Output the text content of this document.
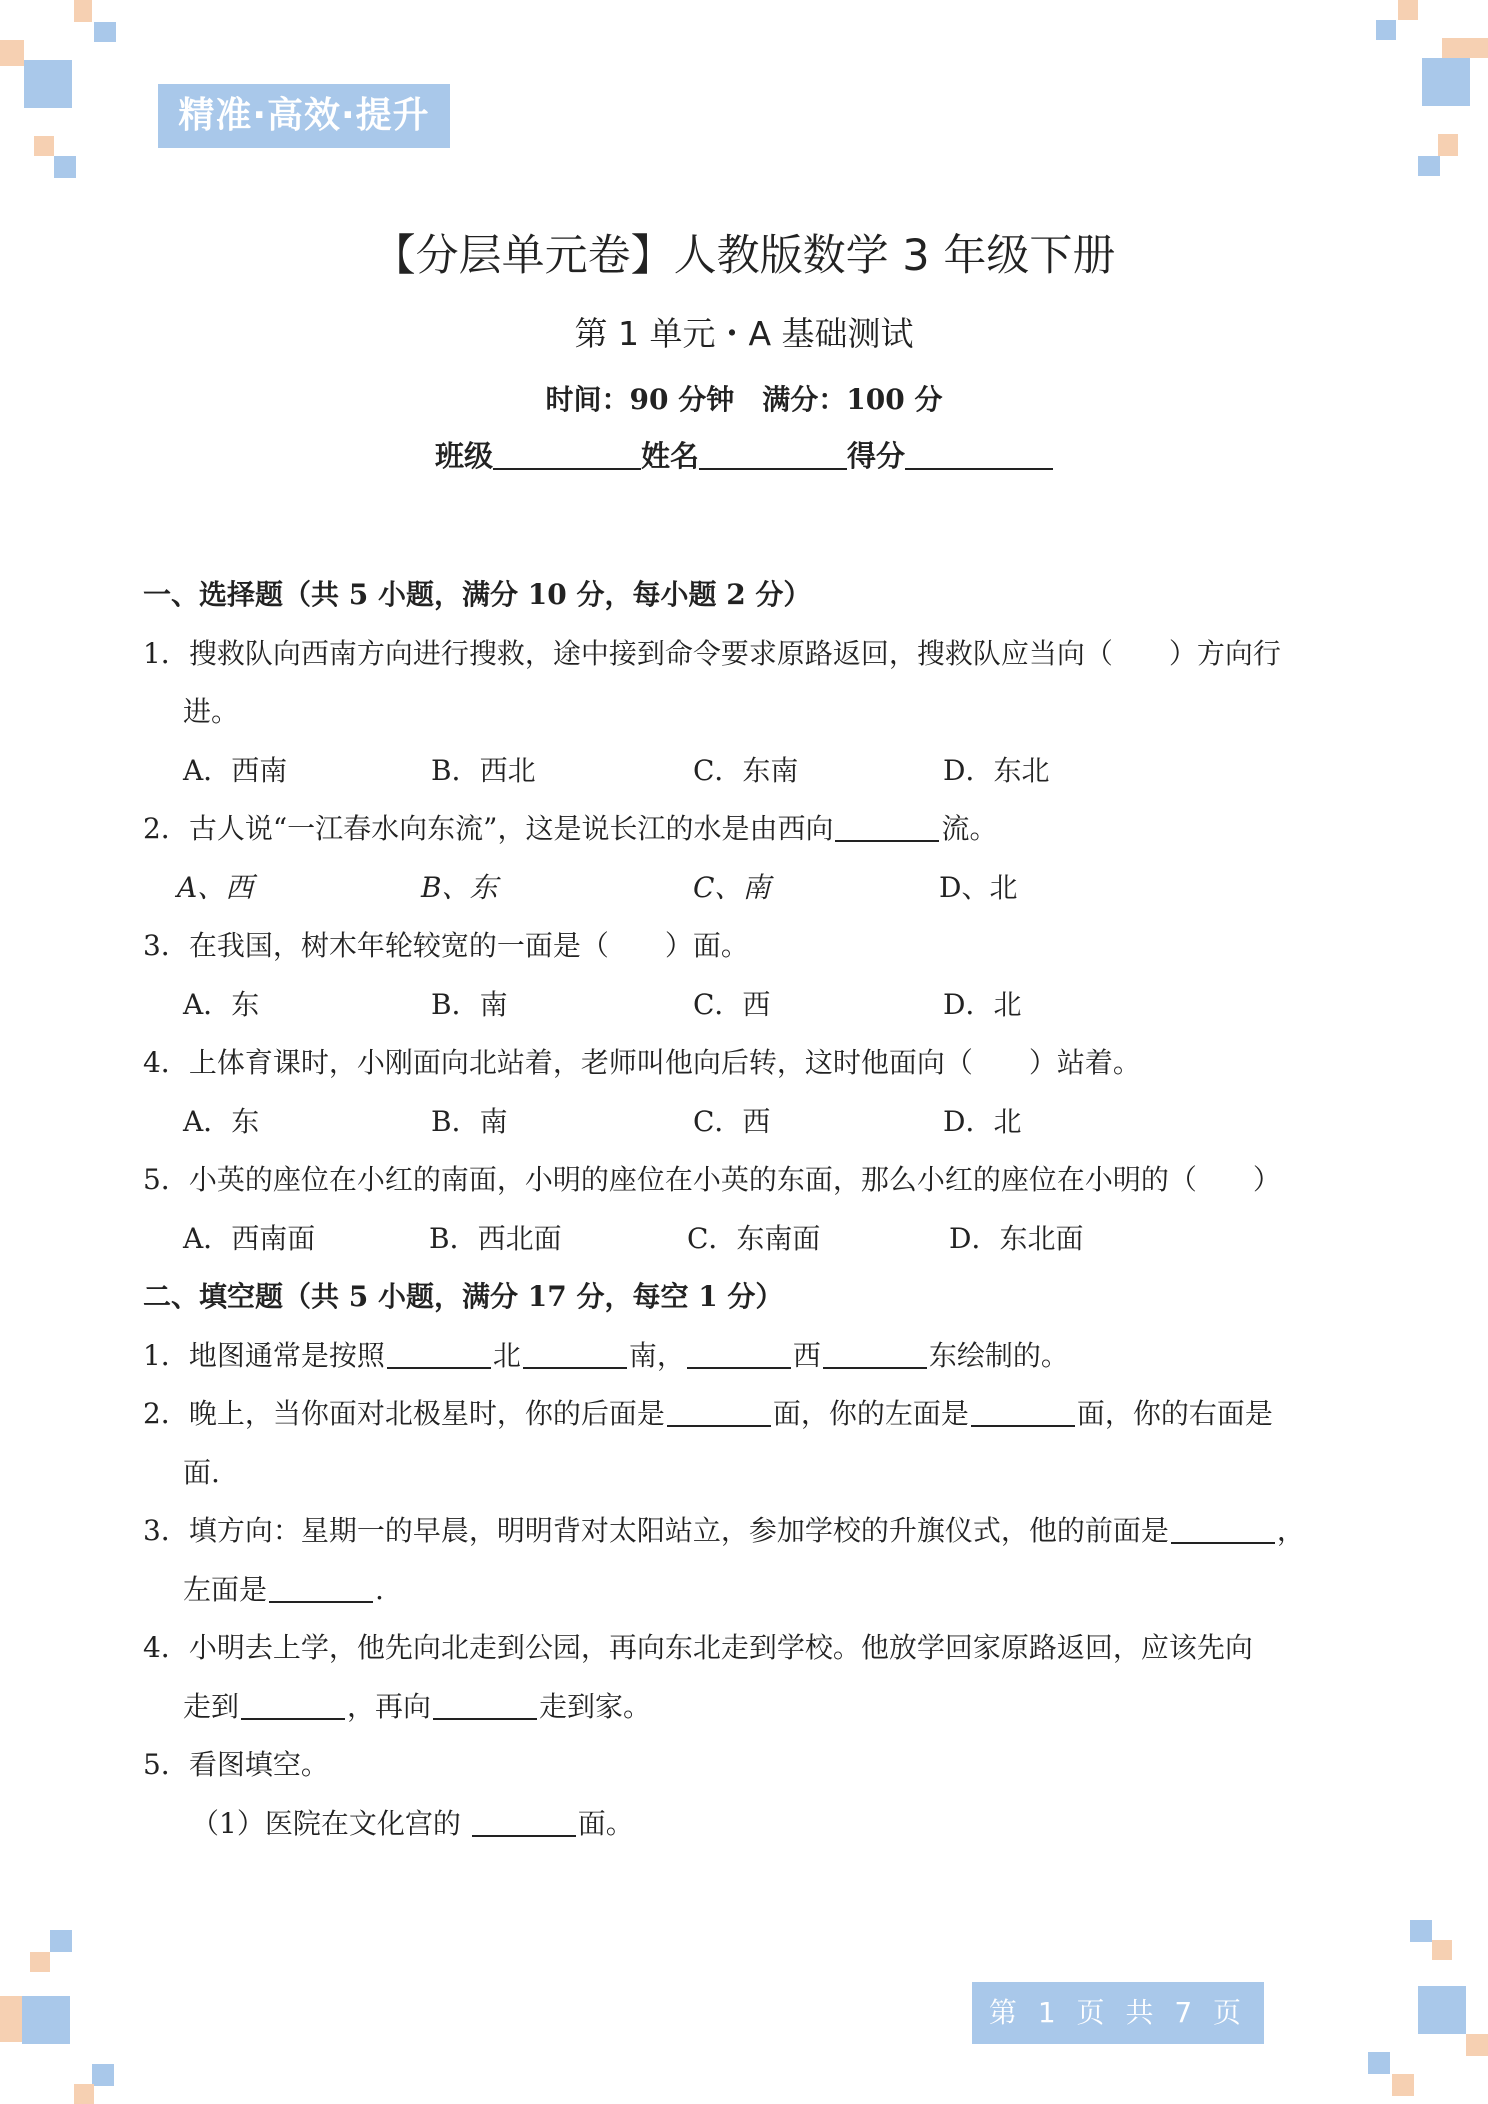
精准·高效·提升
【分层单元卷】人教版数学 3 年级下册
第 1 单元・A 基础测试
时间：90 分钟 满分：100 分
班级	姓名	得分
一、选择题（共 5 小题，满分 10 分，每小题 2 分）
1．搜救队向西南方向进行搜救，途中接到命令要求原路返回，搜救队应当向（　　）方向行
进。
A．西南	B．西北	C．东南	D．东北
2．古人说“一江春水向东流”，这是说长江的水是由西向	流。
A、西	B、东	C、南	D、北
3．在我国，树木年轮较宽的一面是（　　）面。
A．东	B．南	C．西	D．北
4．上体育课时，小刚面向北站着，老师叫他向后转，这时他面向（　　）站着。
A．东	B．南	C．西	D．北
5．小英的座位在小红的南面，小明的座位在小英的东面，那么小红的座位在小明的（　　）
A．西南面	B．西北面	C．东南面	D．东北面
二、填空题（共 5 小题，满分 17 分，每空 1 分）
1．地图通常是按照	北	南，	西	东绘制的。
2．晚上，当你面对北极星时，你的后面是	面，你的左面是	面，你的右面是
面.
3．填方向：星期一的早晨，明明背对太阳站立，参加学校的升旗仪式，他的前面是	，
左面是	.
4．小明去上学，他先向北走到公园，再向东北走到学校。他放学回家原路返回，应该先向
走到	，再向	走到家。
5．看图填空。
（1）医院在文化宫的	面。
第 1 页 共 7 页
